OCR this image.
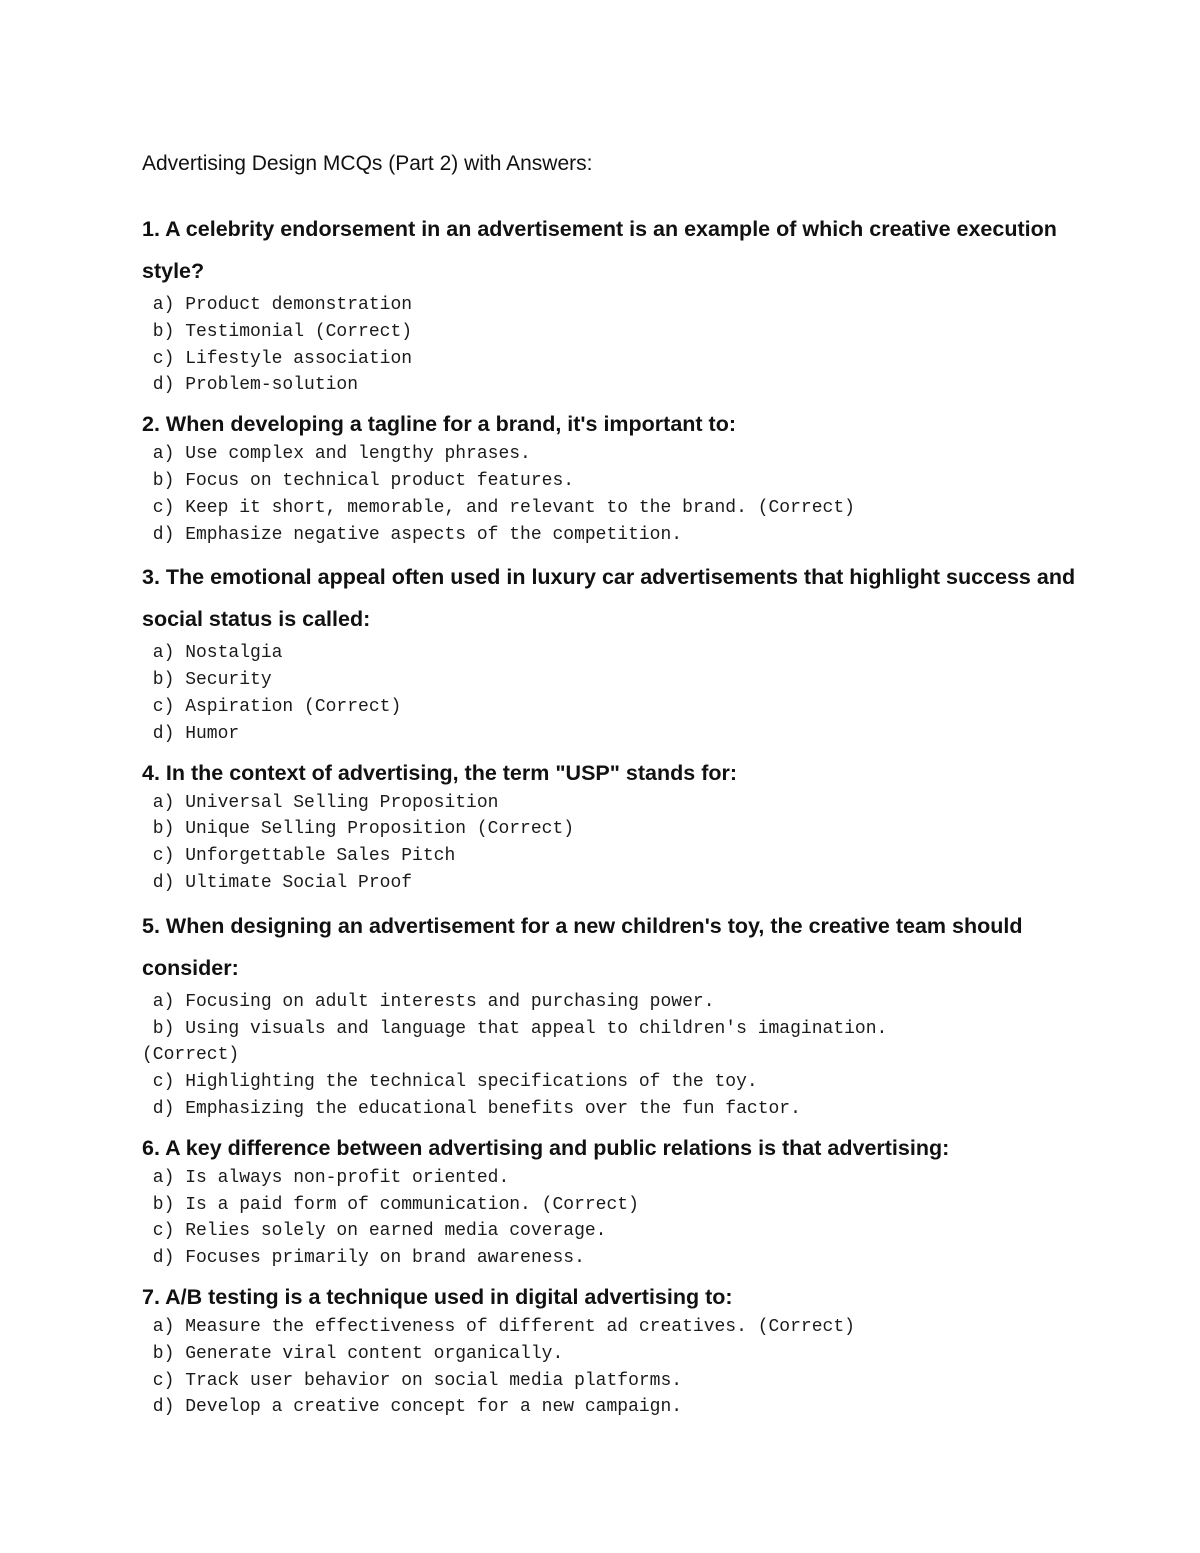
Advertising Design MCQs (Part 2) with Answers:

1. A celebrity endorsement in an advertisement is an example of which creative execution style?

a) Product demonstration
b) Testimonial (Correct)
c) Lifestyle association
d) Problem-solution

2. When developing a tagline for a brand, it's important to:

a) Use complex and lengthy phrases.
b) Focus on technical product features.
c) Keep it short, memorable, and relevant to the brand. (Correct)
d) Emphasize negative aspects of the competition.

3. The emotional appeal often used in luxury car advertisements that highlight success and social status is called:

a) Nostalgia
b) Security
c) Aspiration (Correct)
d) Humor

4. In the context of advertising, the term "USP" stands for:

a) Universal Selling Proposition
b) Unique Selling Proposition (Correct)
c) Unforgettable Sales Pitch
d) Ultimate Social Proof

5. When designing an advertisement for a new children's toy, the creative team should consider:

a) Focusing on adult interests and purchasing power.
b) Using visuals and language that appeal to children's imagination.
(Correct)
c) Highlighting the technical specifications of the toy.
d) Emphasizing the educational benefits over the fun factor.

6. A key difference between advertising and public relations is that advertising:

a) Is always non-profit oriented.
b) Is a paid form of communication. (Correct)
c) Relies solely on earned media coverage.
d) Focuses primarily on brand awareness.

7. A/B testing is a technique used in digital advertising to:

a) Measure the effectiveness of different ad creatives. (Correct)
b) Generate viral content organically.
c) Track user behavior on social media platforms.
d) Develop a creative concept for a new campaign.
